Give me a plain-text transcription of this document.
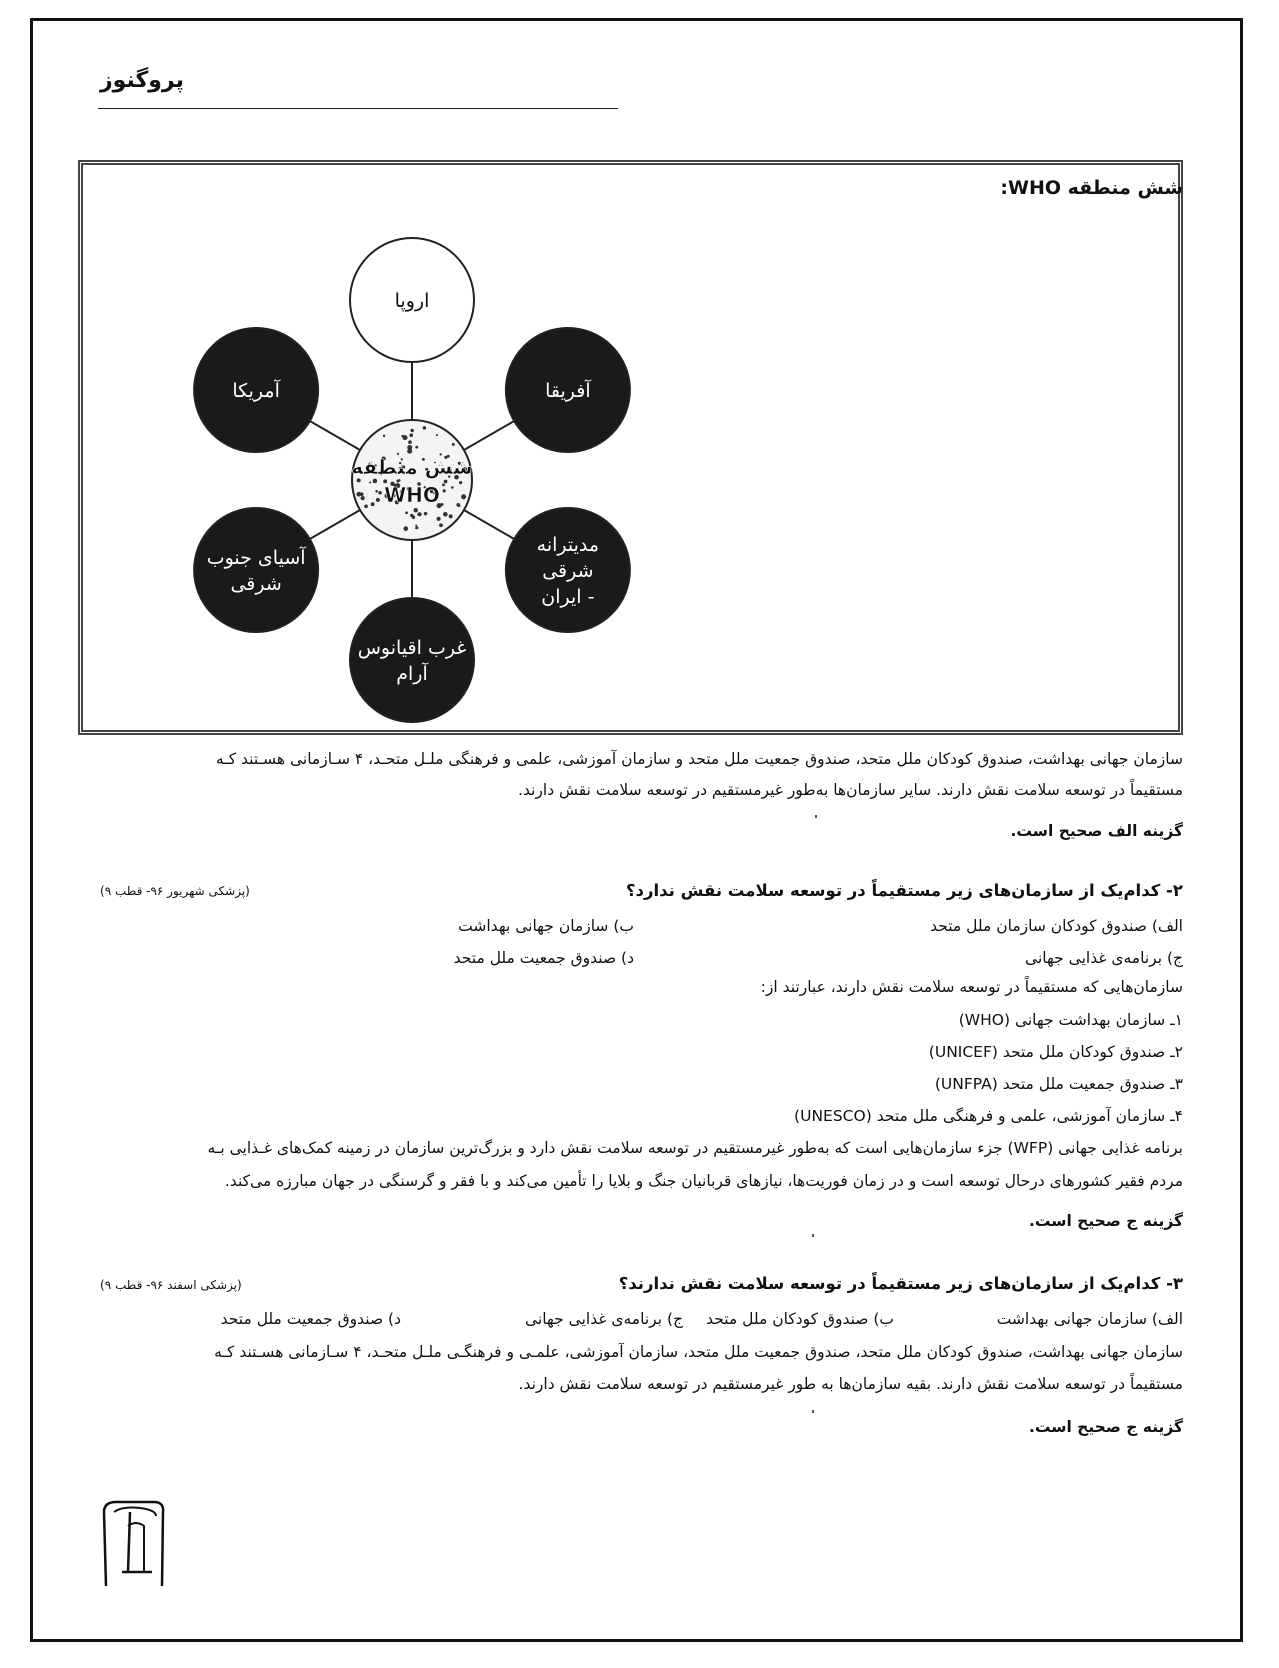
پروگنوز
شش منطقه WHO:
اروپا
آفریقا
مدیترانه
شرقی
- ایران
غرب اقیانوس
آرام
آسیای جنوب
شرقی
آمریکا
شش منطقه
WHO
سازمان جهانی بهداشت، صندوق کودکان ملل متحد، صندوق جمعیت ملل متحد و سازمان آموزشی، علمی و فرهنگی ملـل متحـد، ۴ سـازمانی هسـتند کـه
مستقیماً در توسعه سلامت نقش دارند. سایر سازمان‌ها به‌طور غیرمستقیم در توسعه سلامت نقش دارند.
گزینه الف صحیح است.
۲- کدام‌یک از سازمان‌های زیر مستقیماً در توسعه سلامت نقش ندارد؟
(پزشکی شهریور ۹۶- قطب ۹)
الف) صندوق کودکان سازمان ملل متحد
ب) سازمان جهانی بهداشت
ج) برنامه‌ی غذایی جهانی
د) صندوق جمعیت ملل متحد
سازمان‌هایی که مستقیماً در توسعه سلامت نقش دارند، عبارتند از:
۱ـ سازمان بهداشت جهانی (WHO)
۲ـ صندوق کودکان ملل متحد (UNICEF)
۳ـ صندوق جمعیت ملل متحد (UNFPA)
۴ـ سازمان آموزشی، علمی و فرهنگی ملل متحد (UNESCO)
برنامه غذایی جهانی (WFP) جزء سازمان‌هایی است که به‌طور غیرمستقیم در توسعه سلامت نقش دارد و بزرگ‌ترین سازمان در زمینه کمک‌های غـذایی بـه
مردم فقیر کشورهای درحال توسعه است و در زمان فوریت‌ها، نیازهای قربانیان جنگ و بلایا را تأمین می‌کند و با فقر و گرسنگی در جهان مبارزه می‌کند.
گزینه ج صحیح است.
۳- کدام‌یک از سازمان‌های زیر مستقیماً در توسعه سلامت نقش ندارند؟
(پزشکی اسفند ۹۶- قطب ۹)
الف) سازمان جهانی بهداشت
ب) صندوق کودکان ملل متحد
ج) برنامه‌ی غذایی جهانی
د) صندوق جمعیت ملل متحد
سازمان جهانی بهداشت، صندوق کودکان ملل متحد، صندوق جمعیت ملل متحد، سازمان آموزشی، علمـی و فرهنگـی ملـل متحـد، ۴ سـازمانی هسـتند کـه
مستقیماً در توسعه سلامت نقش دارند. بقیه سازمان‌ها به طور غیرمستقیم در توسعه سلامت نقش دارند.
گزینه ج صحیح است.
